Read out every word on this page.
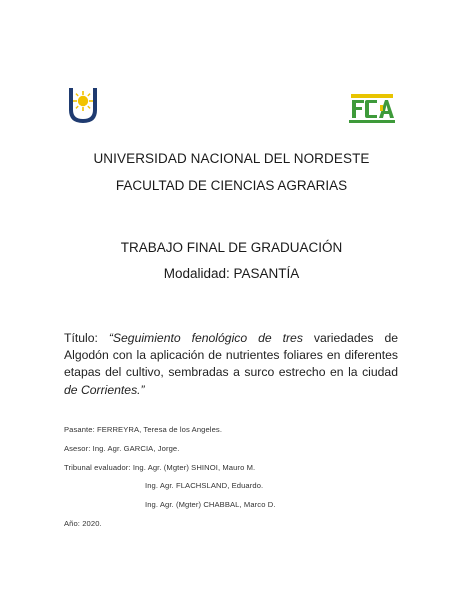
UNIVERSIDAD NACIONAL DEL NORDESTE
FACULTAD DE CIENCIAS AGRARIAS
TRABAJO FINAL DE GRADUACIÓN
Modalidad: PASANTÍA
Título: “Seguimiento fenológico de tres variedades de Algodón con la aplicación de nutrientes foliares en diferentes etapas del cultivo, sembradas a surco estrecho en la ciudad de Corrientes.”
Pasante: FERREYRA, Teresa de los Angeles.
Asesor: Ing. Agr. GARCIA, Jorge.
Tribunal evaluador: Ing. Agr. (Mgter) SHINOI, Mauro M.
Ing. Agr. FLACHSLAND, Eduardo.
Ing. Agr. (Mgter) CHABBAL, Marco D.
Año: 2020.
